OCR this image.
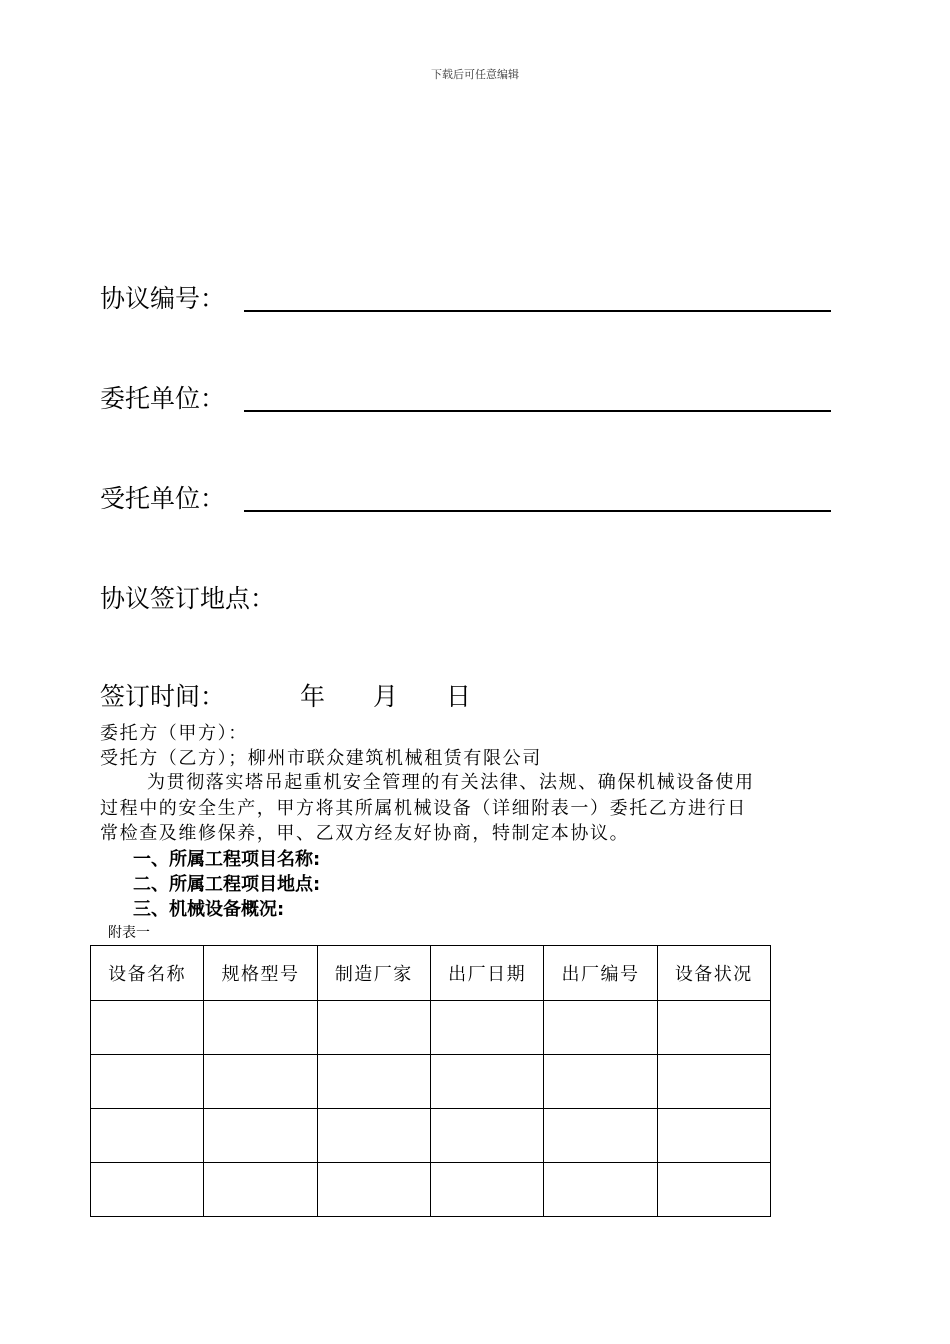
下载后可任意编辑
协议编号：
委托单位：
受托单位：
协议签订地点：
签订时间：	年 月 日
委托方（甲方）：
受托方（乙方）；柳州市联众建筑机械租赁有限公司
为贯彻落实塔吊起重机安全管理的有关法律、法规、确保机械设备使用
过程中的安全生产，甲方将其所属机械设备（详细附表一）委托乙方进行日
常检查及维修保养，甲、乙双方经友好协商，特制定本协议。
一、所属工程项目名称:
二、所属工程项目地点:
三、机械设备概况:
附表一
设备名称	规格型号	制造厂家	出厂日期	出厂编号	设备状况
